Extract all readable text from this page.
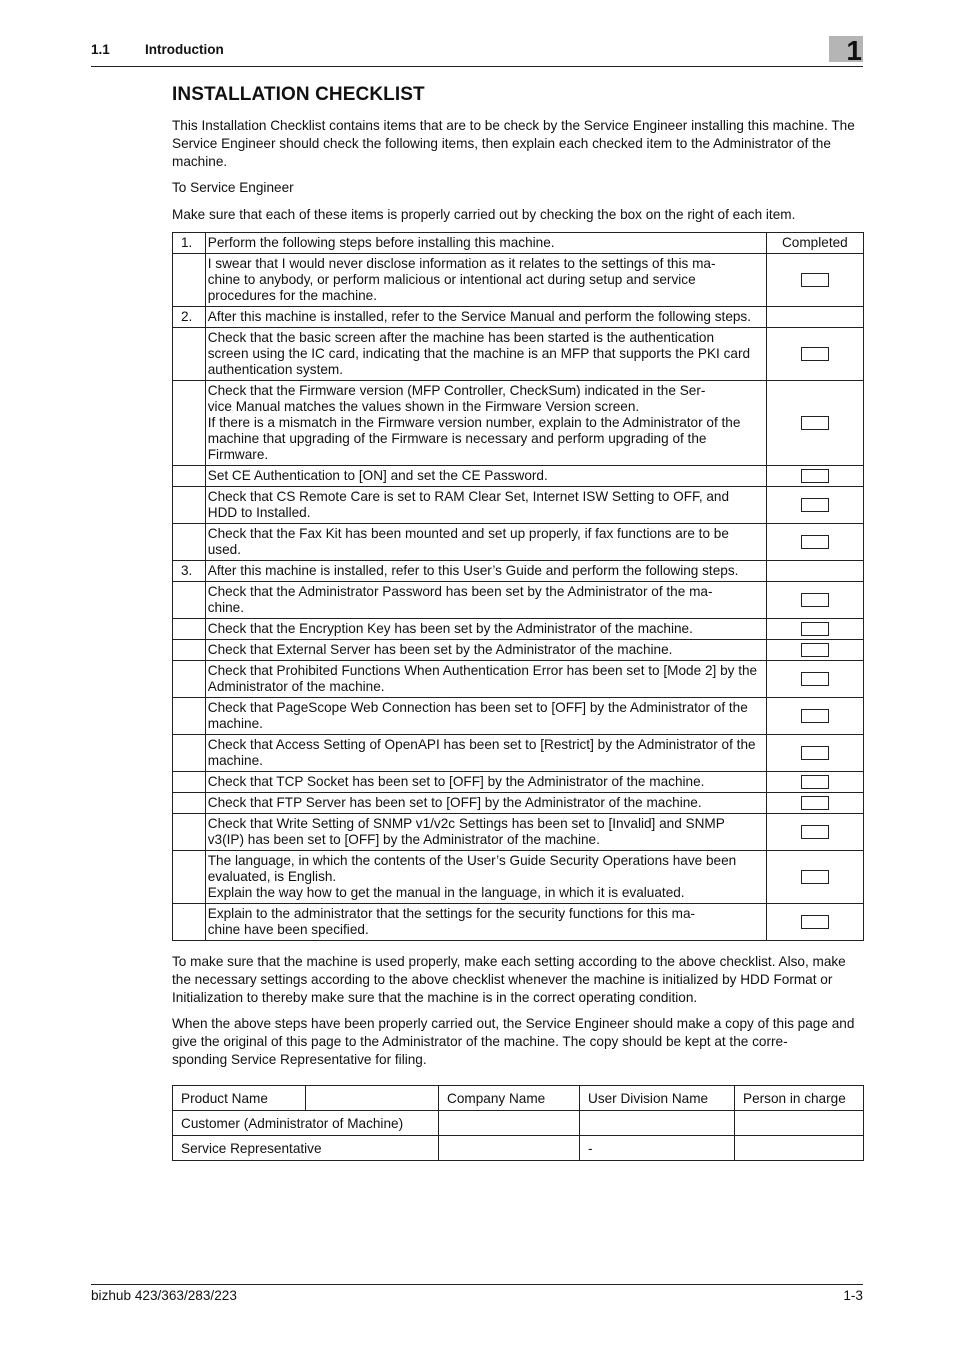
1.1	Introduction	1
INSTALLATION CHECKLIST

This Installation Checklist contains items that are to be check by the Service Engineer installing this machine. The Service Engineer should check the following items, then explain each checked item to the Administrator of the machine.

To Service Engineer

Make sure that each of these items is properly carried out by checking the box on the right of each item.

1.	Perform the following steps before installing this machine.	Completed
	I swear that I would never disclose information as it relates to the settings of this ma-
chine to anybody, or perform malicious or intentional act during setup and service procedures for the machine.	
2.	After this machine is installed, refer to the Service Manual and perform the following steps.	
	Check that the basic screen after the machine has been started is the authentication screen using the IC card, indicating that the machine is an MFP that supports the PKI card authentication system.	
	Check that the Firmware version (MFP Controller, CheckSum) indicated in the Ser-
vice Manual matches the values shown in the Firmware Version screen.
If there is a mismatch in the Firmware version number, explain to the Administrator of the machine that upgrading of the Firmware is necessary and perform upgrading of the Firmware.	
	Set CE Authentication to [ON] and set the CE Password.	
	Check that CS Remote Care is set to RAM Clear Set, Internet ISW Setting to OFF, and HDD to Installed.	
	Check that the Fax Kit has been mounted and set up properly, if fax functions are to be used.	
3.	After this machine is installed, refer to this User’s Guide and perform the following steps.	
	Check that the Administrator Password has been set by the Administrator of the ma-
chine.	
	Check that the Encryption Key has been set by the Administrator of the machine.	
	Check that External Server has been set by the Administrator of the machine.	
	Check that Prohibited Functions When Authentication Error has been set to [Mode 2] by the Administrator of the machine.	
	Check that PageScope Web Connection has been set to [OFF] by the Administrator of the machine.	
	Check that Access Setting of OpenAPI has been set to [Restrict] by the Administrator of the machine.	
	Check that TCP Socket has been set to [OFF] by the Administrator of the machine.	
	Check that FTP Server has been set to [OFF] by the Administrator of the machine.	
	Check that Write Setting of SNMP v1/v2c Settings has been set to [Invalid] and SNMP v3(IP) has been set to [OFF] by the Administrator of the machine.	
	The language, in which the contents of the User’s Guide Security Operations have been evaluated, is English.
Explain the way how to get the manual in the language, in which it is evaluated.	
	Explain to the administrator that the settings for the security functions for this ma-
chine have been specified.	

To make sure that the machine is used properly, make each setting according to the above checklist. Also, make the necessary settings according to the above checklist whenever the machine is initialized by HDD Format or Initialization to thereby make sure that the machine is in the correct operating condition.

When the above steps have been properly carried out, the Service Engineer should make a copy of this page and give the original of this page to the Administrator of the machine. The copy should be kept at the corre-
sponding Service Representative for filing.

Product Name		Company Name	User Division Name	Person in charge
Customer (Administrator of Machine)				
Service Representative			-	
bizhub 423/363/283/223	1-3
